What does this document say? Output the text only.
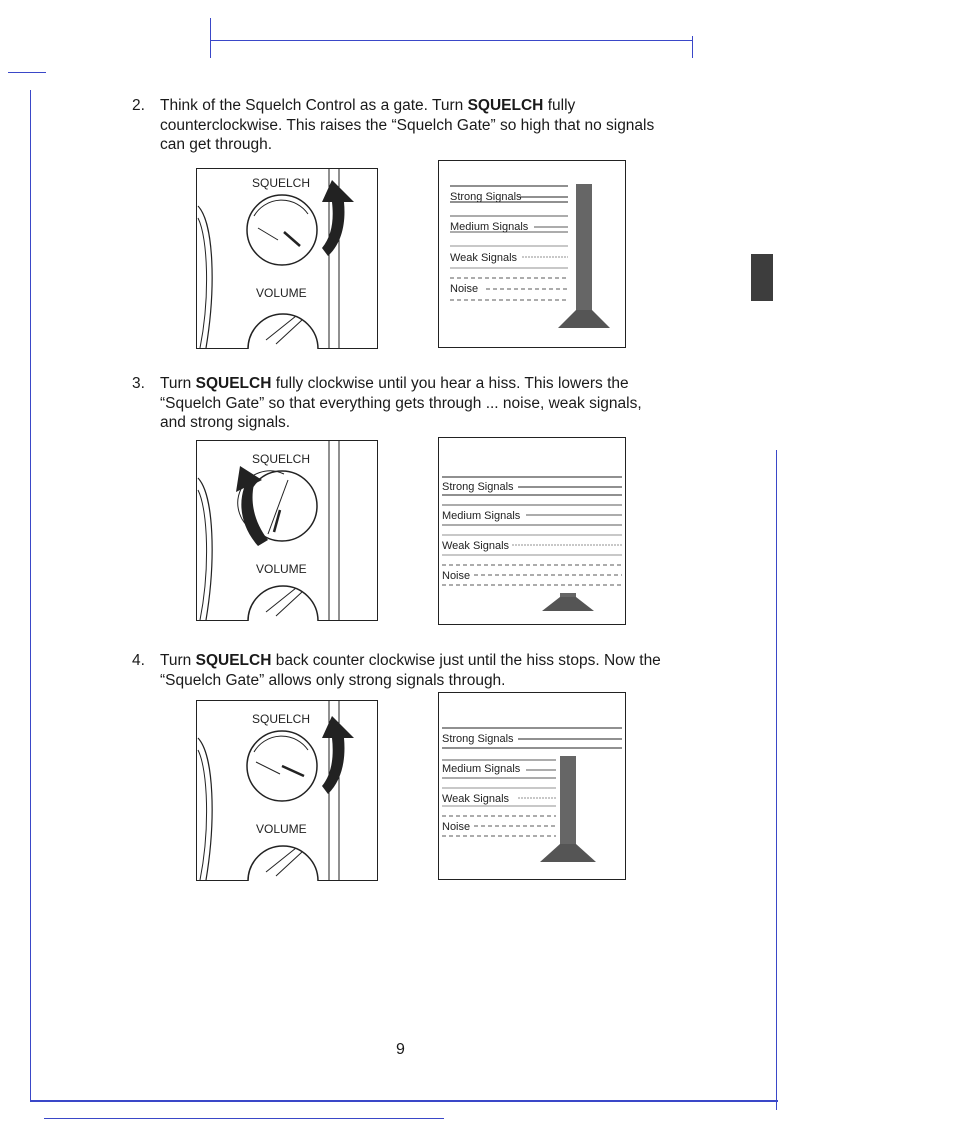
2. Think of the Squelch Control as a gate. Turn SQUELCH fully counterclockwise. This raises the “Squelch Gate” so high that no signals can get through.
SQUELCH
VOLUME
Strong Signals
Medium Signals
Weak Signals
Noise
3. Turn SQUELCH fully clockwise until you hear a hiss. This lowers the “Squelch Gate” so that everything gets through ... noise, weak signals, and strong signals.
SQUELCH
VOLUME
Strong Signals
Medium Signals
Weak Signals
Noise
4. Turn SQUELCH back counter clockwise just until the hiss stops. Now the “Squelch Gate” allows only strong signals through.
SQUELCH
VOLUME
Strong Signals
Medium Signals
Weak Signals
Noise
9
